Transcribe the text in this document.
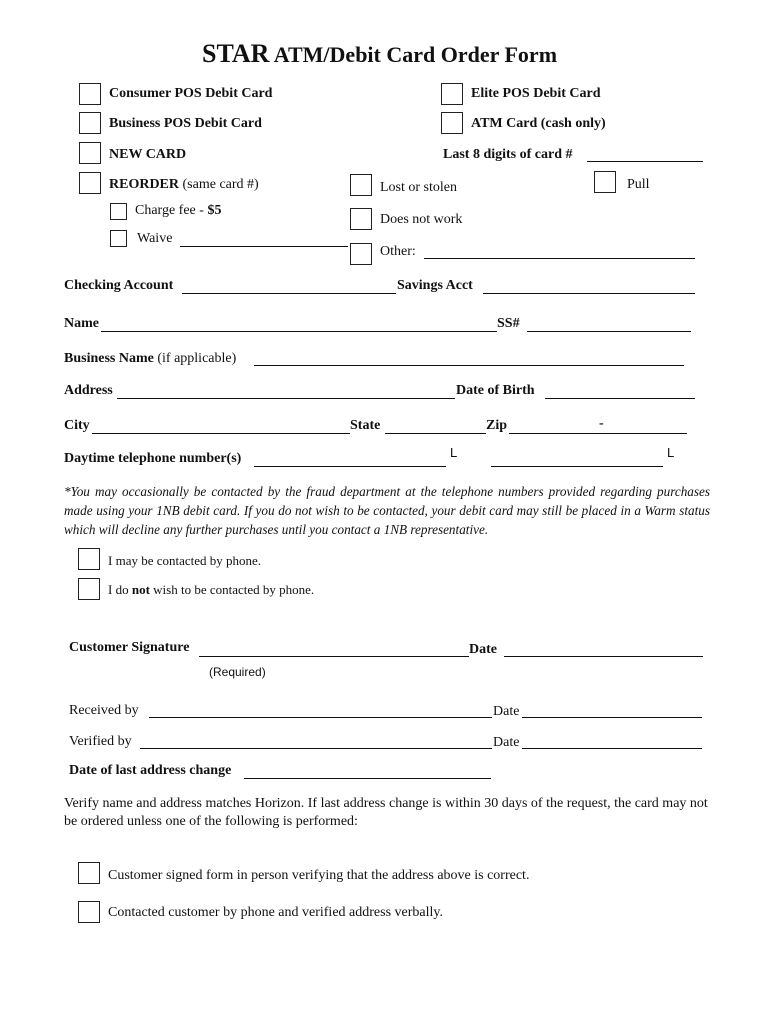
STAR ATM/Debit Card Order Form
Consumer POS Debit Card	Elite POS Debit Card
Business POS Debit Card	ATM Card (cash only)
NEW CARD	Last 8 digits of card #
REORDER (same card #)
Charge fee - $5
Waive
Lost or stolen
Does not work
Other:
Pull
Checking Account	Savings Acct
Name	SS#
Business Name (if applicable)
Address	Date of Birth
City	State	Zip	-
Daytime telephone number(s)	L	L
*You may occasionally be contacted by the fraud department at the telephone numbers provided regarding purchases made using your 1NB debit card. If you do not wish to be contacted, your debit card may still be placed in a Warm status which will decline any further purchases until you contact a 1NB representative.
I may be contacted by phone.
I do not wish to be contacted by phone.
Customer Signature	Date
(Required)
Received by	Date
Verified by	Date
Date of last address change
Verify name and address matches Horizon. If last address change is within 30 days of the request, the card may not be ordered unless one of the following is performed:
Customer signed form in person verifying that the address above is correct.
Contacted customer by phone and verified address verbally.
